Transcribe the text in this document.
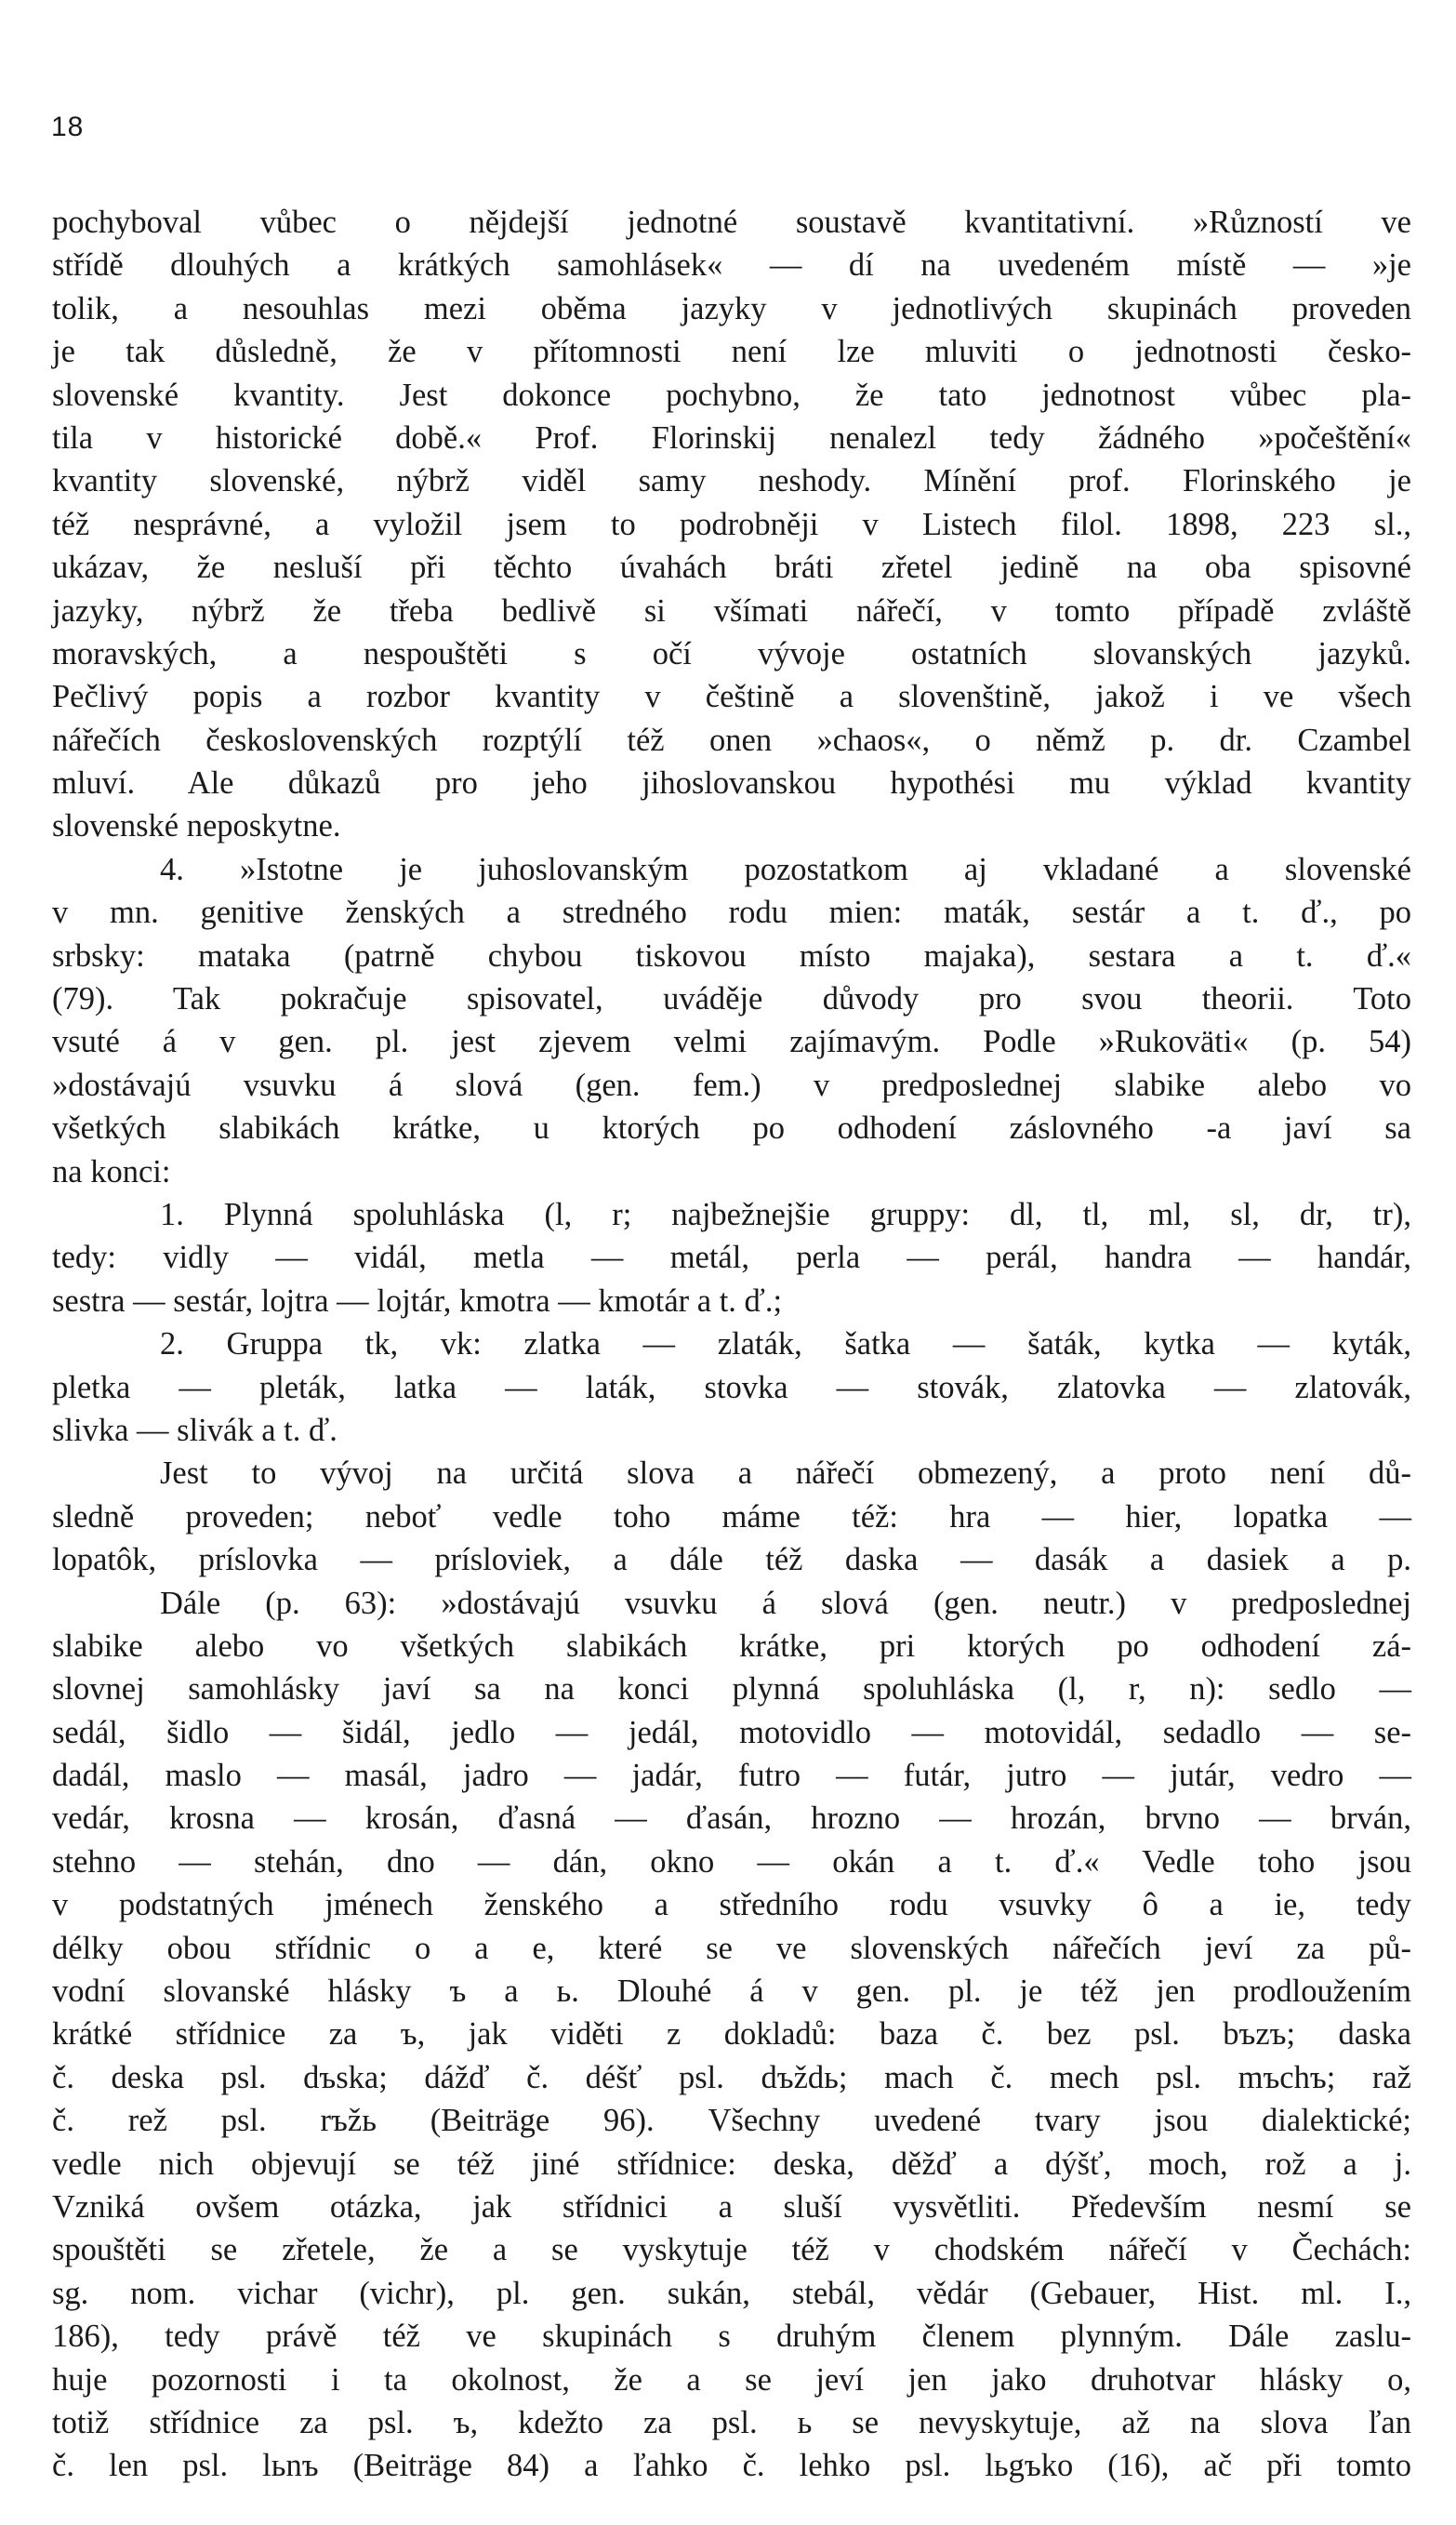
18
pochyboval vůbec o nějdejší jednotné soustavě kvantitativní. »Růzností ve
střídě dlouhých a krátkých samohlásek« — dí na uvedeném místě — »je
tolik, a nesouhlas mezi oběma jazyky v jednotlivých skupinách proveden
je tak důsledně, že v přítomnosti není lze mluviti o jednotnosti česko-
slovenské kvantity. Jest dokonce pochybno, že tato jednotnost vůbec pla-
tila v historické době.« Prof. Florinskij nenalezl tedy žádného »počeštění«
kvantity slovenské, nýbrž viděl samy neshody. Mínění prof. Florinského je
též nesprávné, a vyložil jsem to podrobněji v Listech filol. 1898, 223 sl.,
ukázav, že nesluší při těchto úvahách bráti zřetel jedině na oba spisovné
jazyky, nýbrž že třeba bedlivě si všímati nářečí, v tomto případě zvláště
moravských, a nespouštěti s očí vývoje ostatních slovanských jazyků.
Pečlivý popis a rozbor kvantity v češtině a slovenštině, jakož i ve všech
nářečích československých rozptýlí též onen »chaos«, o němž p. dr. Czambel
mluví. Ale důkazů pro jeho jihoslovanskou hypothési mu výklad kvantity
slovenské neposkytne.
4. »Istotne je juhoslovanským pozostatkom aj vkladané a slovenské
v mn. genitive ženských a stredného rodu mien: maták, sestár a t. ď., po
srbsky: mataka (patrně chybou tiskovou místo majaka), sestara a t. ď.«
(79). Tak pokračuje spisovatel, uváděje důvody pro svou theorii. Toto
vsuté á v gen. pl. jest zjevem velmi zajímavým. Podle »Rukoväti« (p. 54)
»dostávajú vsuvku á slová (gen. fem.) v predposlednej slabike alebo vo
všetkých slabikách krátke, u ktorých po odhodení záslovného -a javí sa
na konci:
1. Plynná spoluhláska (l, r; najbežnejšie gruppy: dl, tl, ml, sl, dr, tr),
tedy: vidly — vidál, metla — metál, perla — perál, handra — handár,
sestra — sestár, lojtra — lojtár, kmotra — kmotár a t. ď.;
2. Gruppa tk, vk: zlatka — zlaták, šatka — šaták, kytka — kyták,
pletka — pleták, latka — laták, stovka — stovák, zlatovka — zlatovák,
slivka — slivák a t. ď.
Jest to vývoj na určitá slova a nářečí obmezený, a proto není dů-
sledně proveden; neboť vedle toho máme též: hra — hier, lopatka —
lopatôk, príslovka — prísloviek, a dále též daska — dasák a dasiek a p.
Dále (p. 63): »dostávajú vsuvku á slová (gen. neutr.) v predposlednej
slabike alebo vo všetkých slabikách krátke, pri ktorých po odhodení zá-
slovnej samohlásky javí sa na konci plynná spoluhláska (l, r, n): sedlo —
sedál, šidlo — šidál, jedlo — jedál, motovidlo — motovidál, sedadlo — se-
dadál, maslo — masál, jadro — jadár, futro — futár, jutro — jutár, vedro —
vedár, krosna — krosán, ďasná — ďasán, hrozno — hrozán, brvno — brván,
stehno — stehán, dno — dán, okno — okán a t. ď.« Vedle toho jsou
v podstatných jménech ženského a středního rodu vsuvky ô a ie, tedy
délky obou střídnic o a e, které se ve slovenských nářečích jeví za pů-
vodní slovanské hlásky ъ a ь. Dlouhé á v gen. pl. je též jen prodloužením
krátké střídnice za ъ, jak viděti z dokladů: baza č. bez psl. bъzъ; daska
č. deska psl. dъska; dážď č. déšť psl. dъždь; mach č. mech psl. mъchъ; raž
č. rež psl. rъžь (Beiträge 96). Všechny uvedené tvary jsou dialektické;
vedle nich objevují se též jiné střídnice: deska, děžď a dýšť, moch, rož a j.
Vzniká ovšem otázka, jak střídnici a sluší vysvětliti. Především nesmí se
spouštěti se zřetele, že a se vyskytuje též v chodském nářečí v Čechách:
sg. nom. vichar (vichr), pl. gen. sukán, stebál, vědár (Gebauer, Hist. ml. I.,
186), tedy právě též ve skupinách s druhým členem plynným. Dále zaslu-
huje pozornosti i ta okolnost, že a se jeví jen jako druhotvar hlásky o,
totiž střídnice za psl. ъ, kdežto za psl. ь se nevyskytuje, až na slova ľan
č. len psl. lьnъ (Beiträge 84) a ľahko č. lehko psl. lьgъko (16), ač při tomto
